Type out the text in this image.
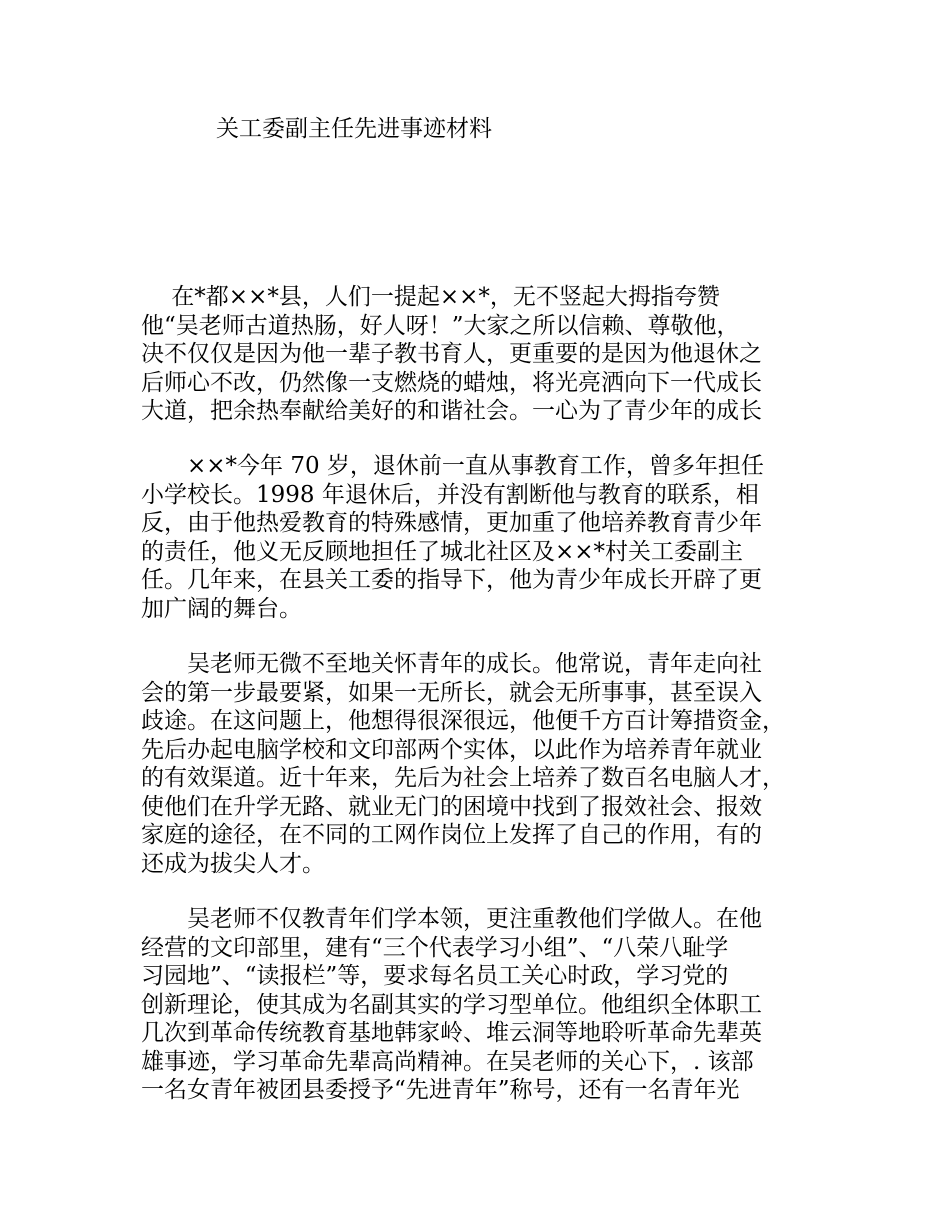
关工委副主任先进事迹材料
　 在*都××*县，人们一提起××*，无不竖起大拇指夸赞
他“吴老师古道热肠，好人呀！”大家之所以信赖、尊敬他，
决不仅仅是因为他一辈子教书育人，更重要的是因为他退休之
后师心不改，仍然像一支燃烧的蜡烛，将光亮洒向下一代成长
大道，把余热奉献给美好的和谐社会。一心为了青少年的成长
　　××*今年 70 岁，退休前一直从事教育工作，曾多年担任
小学校长。1998 年退休后，并没有割断他与教育的联系，相
反，由于他热爱教育的特殊感情，更加重了他培养教育青少年
的责任，他义无反顾地担任了城北社区及××*村关工委副主
任。几年来，在县关工委的指导下，他为青少年成长开辟了更
加广阔的舞台。
　　吴老师无微不至地关怀青年的成长。他常说，青年走向社
会的第一步最要紧，如果一无所长，就会无所事事，甚至误入
歧途。在这问题上，他想得很深很远，他便千方百计筹措资金，
先后办起电脑学校和文印部两个实体，以此作为培养青年就业
的有效渠道。近十年来，先后为社会上培养了数百名电脑人才，
使他们在升学无路、就业无门的困境中找到了报效社会、报效
家庭的途径，在不同的工网作岗位上发挥了自己的作用，有的
还成为拔尖人才。
　　吴老师不仅教青年们学本领，更注重教他们学做人。在他
经营的文印部里，建有“三个代表学习小组”、“八荣八耻学
习园地”、“读报栏”等，要求每名员工关心时政，学习党的
创新理论，使其成为名副其实的学习型单位。他组织全体职工
几次到革命传统教育基地韩家岭、堆云洞等地聆听革命先辈英
雄事迹，学习革命先辈高尚精神。在吴老师的关心下，. 该部
一名女青年被团县委授予“先进青年”称号，还有一名青年光
